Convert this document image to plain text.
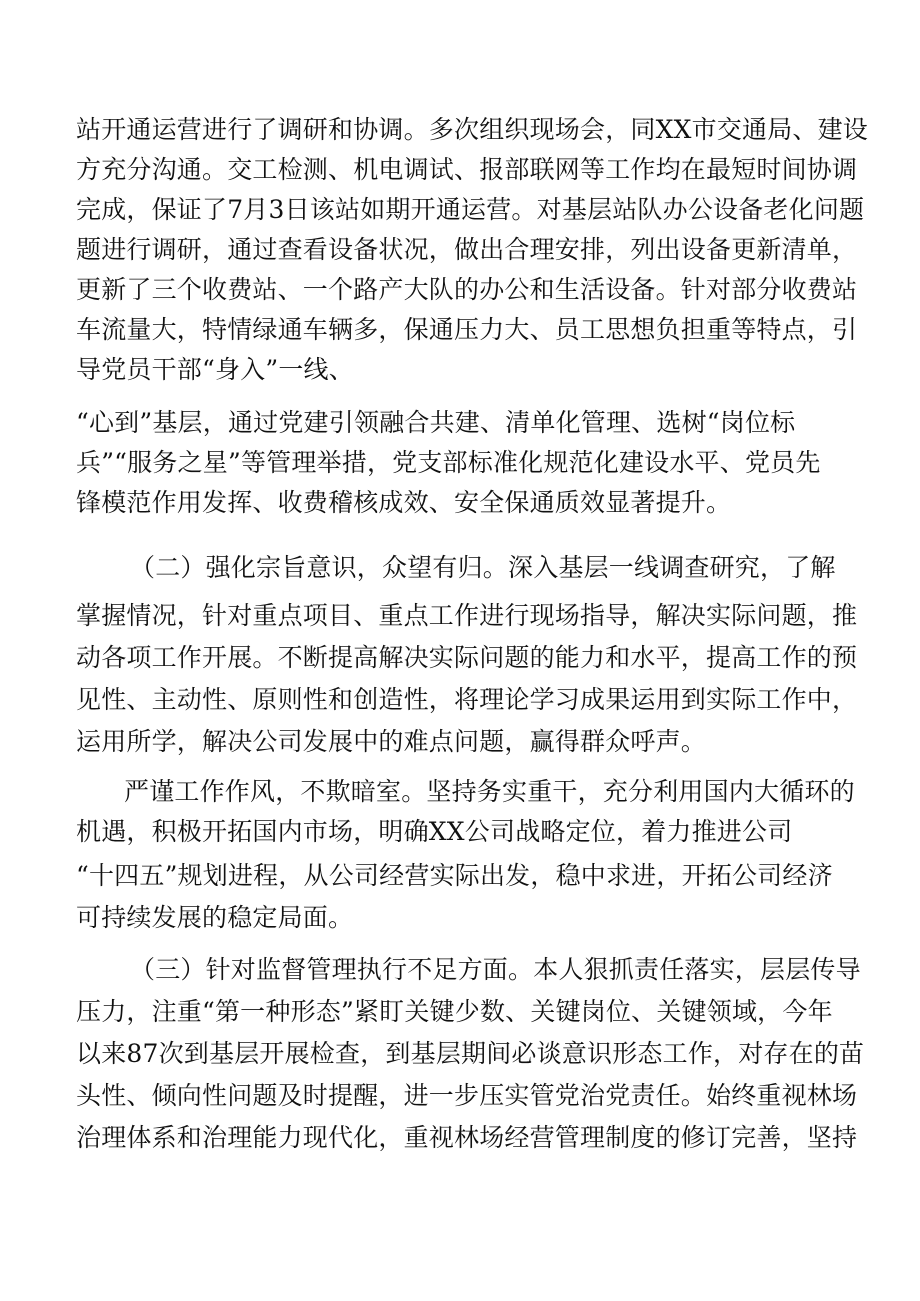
站开通运营进行了调研和协调。多次组织现场会，同XX市交通局、建设
方充分沟通。交工检测、机电调试、报部联网等工作均在最短时间协调
完成，保证了7月3日该站如期开通运营。对基层站队办公设备老化问题
题进行调研，通过查看设备状况，做出合理安排，列出设备更新清单，
更新了三个收费站、一个路产大队的办公和生活设备。针对部分收费站
车流量大，特情绿通车辆多，保通压力大、员工思想负担重等特点，引
导党员干部“身入”一线、
“心到”基层，通过党建引领融合共建、清单化管理、选树“岗位标
兵”“服务之星”等管理举措，党支部标准化规范化建设水平、党员先
锋模范作用发挥、收费稽核成效、安全保通质效显著提升。
（二）强化宗旨意识，众望有归。深入基层一线调查研究，了解
掌握情况，针对重点项目、重点工作进行现场指导，解决实际问题，推
动各项工作开展。不断提高解决实际问题的能力和水平，提高工作的预
见性、主动性、原则性和创造性，将理论学习成果运用到实际工作中，
运用所学，解决公司发展中的难点问题，赢得群众呼声。
严谨工作作风，不欺暗室。坚持务实重干，充分利用国内大循环的
机遇，积极开拓国内市场，明确XX公司战略定位，着力推进公司
“十四五”规划进程，从公司经营实际出发，稳中求进，开拓公司经济
可持续发展的稳定局面。
（三）针对监督管理执行不足方面。本人狠抓责任落实，层层传导
压力，注重“第一种形态”紧盯关键少数、关键岗位、关键领域，今年
以来87次到基层开展检查，到基层期间必谈意识形态工作，对存在的苗
头性、倾向性问题及时提醒，进一步压实管党治党责任。始终重视林场
治理体系和治理能力现代化，重视林场经营管理制度的修订完善，坚持
